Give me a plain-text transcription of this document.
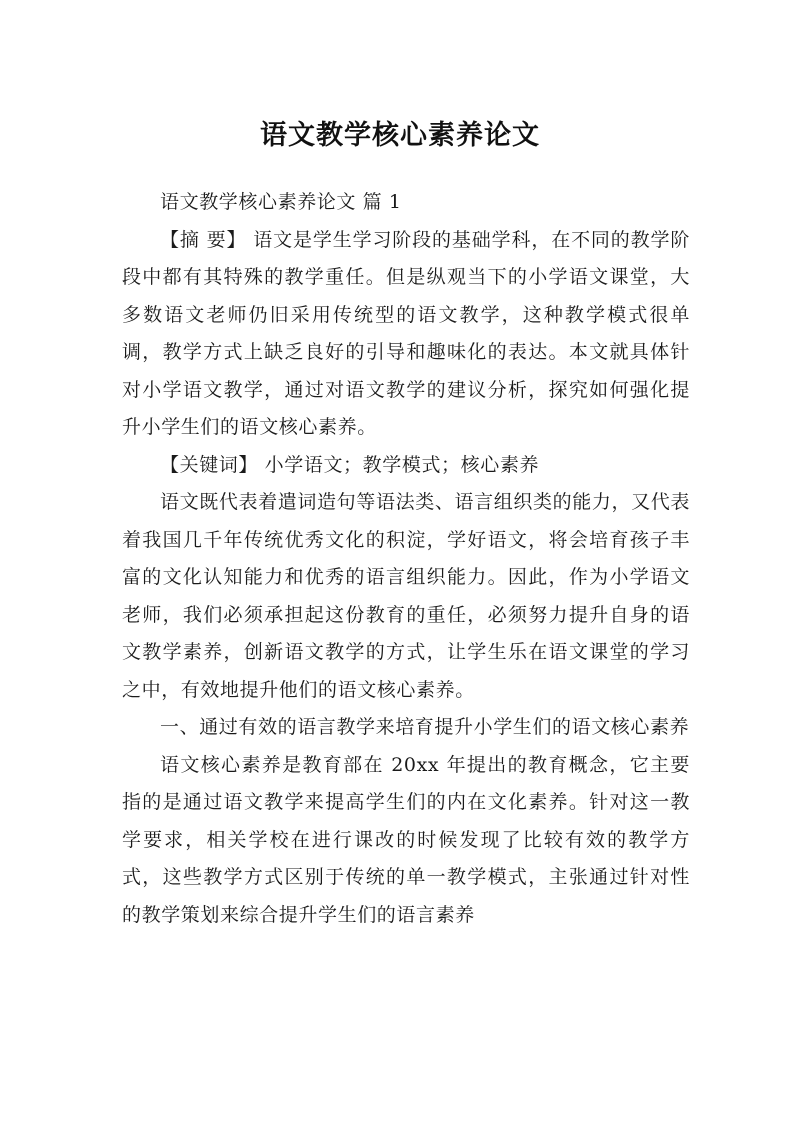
语文教学核心素养论文

语文教学核心素养论文 篇 1

【摘 要】 语文是学生学习阶段的基础学科，在不同的教学阶段中都有其特殊的教学重任。但是纵观当下的小学语文课堂，大多数语文老师仍旧采用传统型的语文教学，这种教学模式很单调，教学方式上缺乏良好的引导和趣味化的表达。本文就具体针对小学语文教学，通过对语文教学的建议分析，探究如何强化提升小学生们的语文核心素养。

【关键词】 小学语文；教学模式；核心素养

语文既代表着遣词造句等语法类、语言组织类的能力，又代表着我国几千年传统优秀文化的积淀，学好语文，将会培育孩子丰富的文化认知能力和优秀的语言组织能力。因此，作为小学语文老师，我们必须承担起这份教育的重任，必须努力提升自身的语文教学素养，创新语文教学的方式，让学生乐在语文课堂的学习之中，有效地提升他们的语文核心素养。

一、通过有效的语言教学来培育提升小学生们的语文核心素养

语文核心素养是教育部在 20xx 年提出的教育概念，它主要指的是通过语文教学来提高学生们的内在文化素养。针对这一教学要求，相关学校在进行课改的时候发现了比较有效的教学方式，这些教学方式区别于传统的单一教学模式，主张通过针对性的教学策划来综合提升学生们的语言素养
